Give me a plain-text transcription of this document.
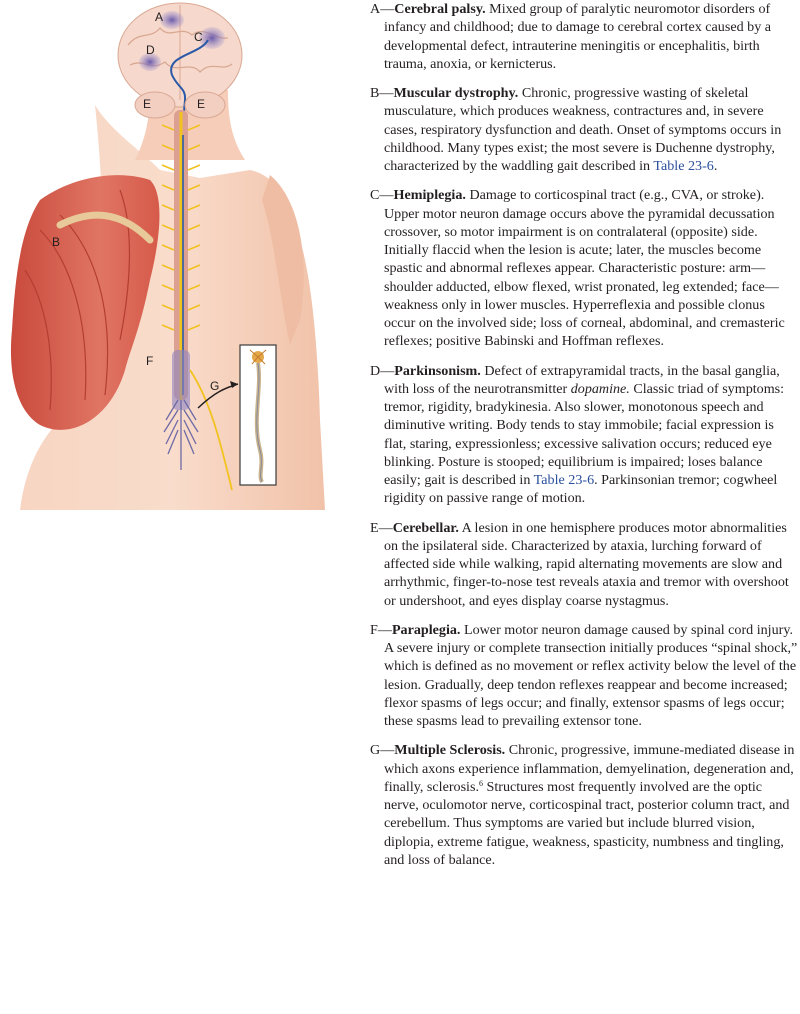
A
C
D
E	E
B
F
G

A—Cerebral palsy. Mixed group of paralytic neuromotor disorders of infancy and childhood; due to damage to cerebral cortex caused by a developmental defect, intrauterine meningitis or encephalitis, birth trauma, anoxia, or kernicterus.

B—Muscular dystrophy. Chronic, progressive wasting of skeletal musculature, which produces weakness, contractures and, in severe cases, respiratory dysfunction and death. Onset of symptoms occurs in childhood. Many types exist; the most severe is Duchenne dystrophy, characterized by the waddling gait described in Table 23-6.

C—Hemiplegia. Damage to corticospinal tract (e.g., CVA, or stroke). Upper motor neuron damage occurs above the pyramidal decussation crossover, so motor impairment is on contralateral (opposite) side. Initially flaccid when the lesion is acute; later, the muscles become spastic and abnormal reflexes appear. Characteristic posture: arm—shoulder adducted, elbow flexed, wrist pronated, leg extended; face—weakness only in lower muscles. Hyperreflexia and possible clonus occur on the involved side; loss of corneal, abdominal, and cremasteric reflexes; positive Babinski and Hoffman reflexes.

D—Parkinsonism. Defect of extrapyramidal tracts, in the basal ganglia, with loss of the neurotransmitter dopamine. Classic triad of symptoms: tremor, rigidity, bradykinesia. Also slower, monotonous speech and diminutive writing. Body tends to stay immobile; facial expression is flat, staring, expressionless; excessive salivation occurs; reduced eye blinking. Posture is stooped; equilibrium is impaired; loses balance easily; gait is described in Table 23-6. Parkinsonian tremor; cogwheel rigidity on passive range of motion.

E—Cerebellar. A lesion in one hemisphere produces motor abnormalities on the ipsilateral side. Characterized by ataxia, lurching forward of affected side while walking, rapid alternating movements are slow and arrhythmic, finger-to-nose test reveals ataxia and tremor with overshoot or undershoot, and eyes display coarse nystagmus.

F—Paraplegia. Lower motor neuron damage caused by spinal cord injury. A severe injury or complete transection initially produces “spinal shock,” which is defined as no movement or reflex activity below the level of the lesion. Gradually, deep tendon reflexes reappear and become increased; flexor spasms of legs occur; and finally, extensor spasms of legs occur; these spasms lead to prevailing extensor tone.

G—Multiple Sclerosis. Chronic, progressive, immune-mediated disease in which axons experience inflammation, demyelination, degeneration and, finally, sclerosis.$^6$ Structures most frequently involved are the optic nerve, oculomotor nerve, corticospinal tract, posterior column tract, and cerebellum. Thus symptoms are varied but include blurred vision, diplopia, extreme fatigue, weakness, spasticity, numbness and tingling, and loss of balance.
